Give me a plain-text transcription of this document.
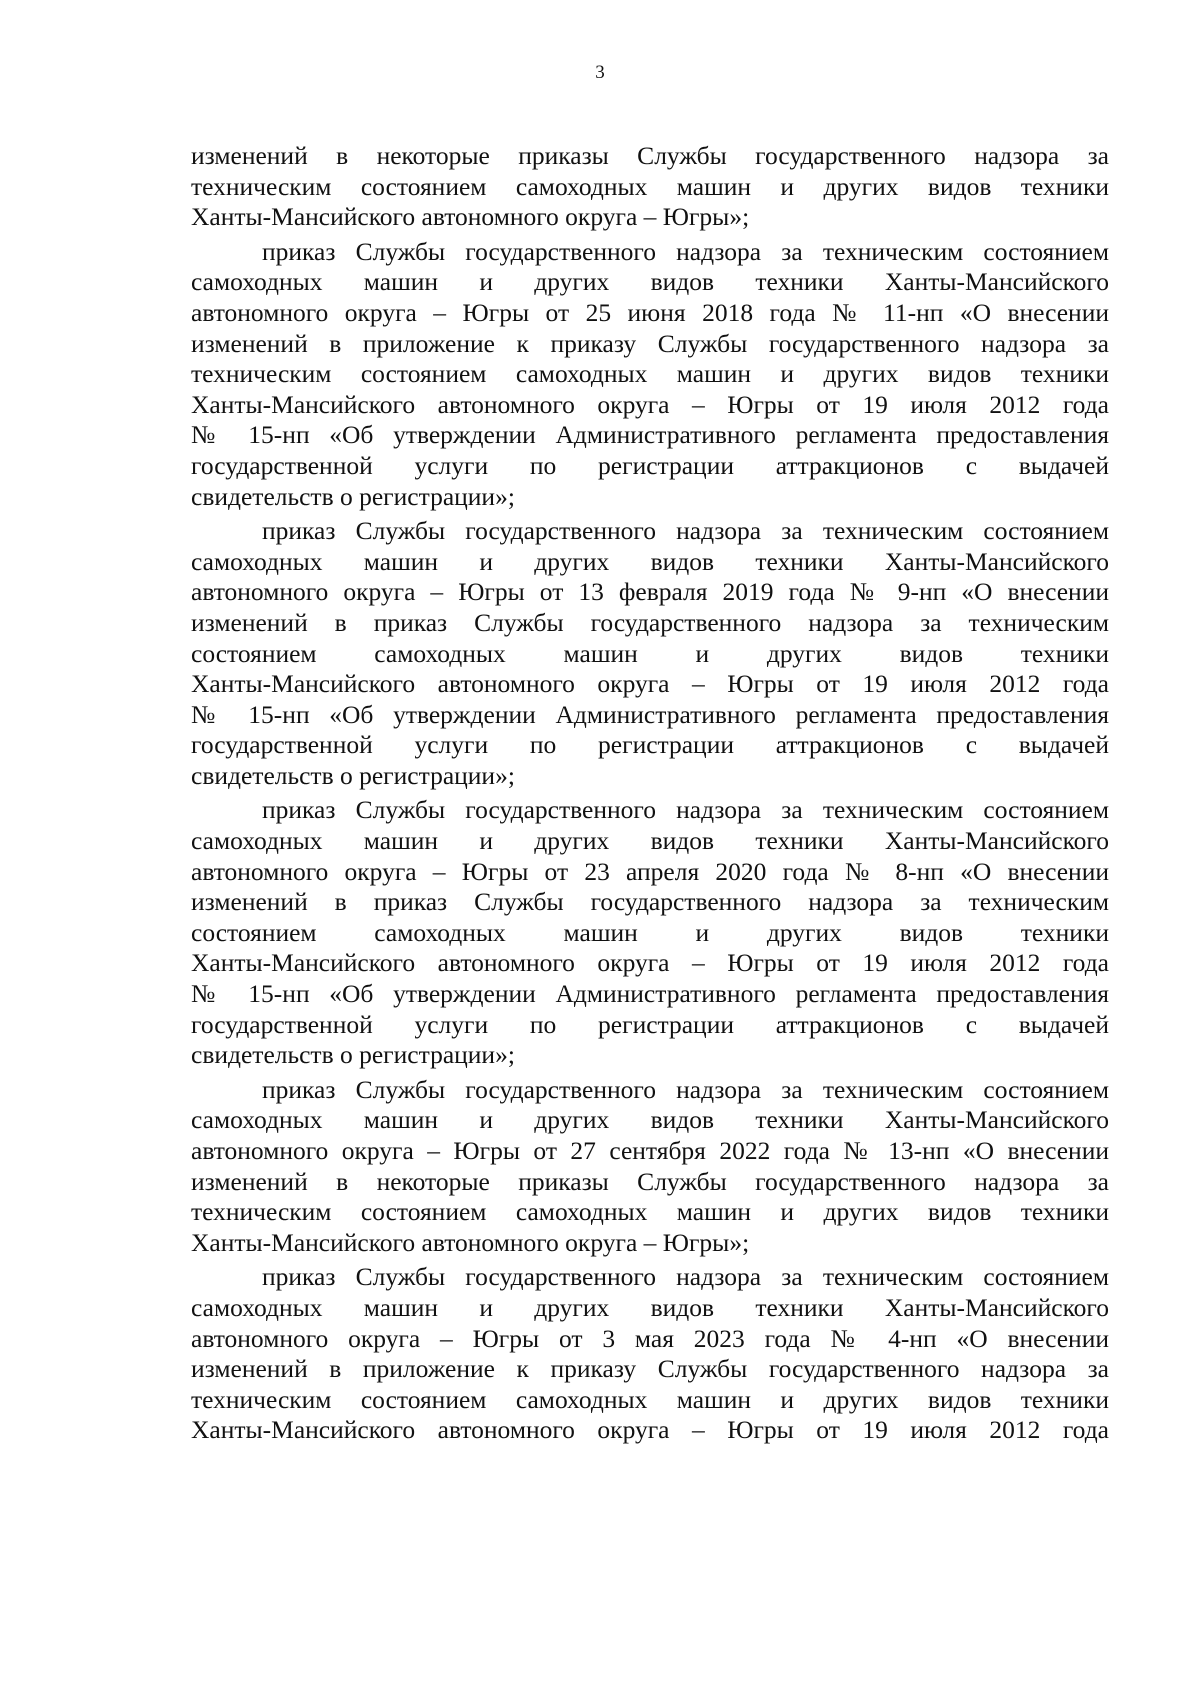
3
изменений в некоторые приказы Службы государственного надзора за
техническим состоянием самоходных машин и других видов техники
Ханты-Мансийского автономного округа – Югры»;
приказ Службы государственного надзора за техническим состоянием
самоходных машин и других видов техники Ханты-Мансийского
автономного округа – Югры от 25 июня 2018 года № 11-нп «О внесении
изменений в приложение к приказу Службы государственного надзора за
техническим состоянием самоходных машин и других видов техники
Ханты-Мансийского автономного округа – Югры от 19 июля 2012 года
№ 15-нп «Об утверждении Административного регламента предоставления
государственной услуги по регистрации аттракционов с выдачей
свидетельств о регистрации»;
приказ Службы государственного надзора за техническим состоянием
самоходных машин и других видов техники Ханты-Мансийского
автономного округа – Югры от 13 февраля 2019 года № 9-нп «О внесении
изменений в приказ Службы государственного надзора за техническим
состоянием самоходных машин и других видов техники
Ханты-Мансийского автономного округа – Югры от 19 июля 2012 года
№ 15-нп «Об утверждении Административного регламента предоставления
государственной услуги по регистрации аттракционов с выдачей
свидетельств о регистрации»;
приказ Службы государственного надзора за техническим состоянием
самоходных машин и других видов техники Ханты-Мансийского
автономного округа – Югры от 23 апреля 2020 года № 8-нп «О внесении
изменений в приказ Службы государственного надзора за техническим
состоянием самоходных машин и других видов техники
Ханты-Мансийского автономного округа – Югры от 19 июля 2012 года
№ 15-нп «Об утверждении Административного регламента предоставления
государственной услуги по регистрации аттракционов с выдачей
свидетельств о регистрации»;
приказ Службы государственного надзора за техническим состоянием
самоходных машин и других видов техники Ханты-Мансийского
автономного округа – Югры от 27 сентября 2022 года № 13-нп «О внесении
изменений в некоторые приказы Службы государственного надзора за
техническим состоянием самоходных машин и других видов техники
Ханты-Мансийского автономного округа – Югры»;
приказ Службы государственного надзора за техническим состоянием
самоходных машин и других видов техники Ханты-Мансийского
автономного округа – Югры от 3 мая 2023 года № 4-нп «О внесении
изменений в приложение к приказу Службы государственного надзора за
техническим состоянием самоходных машин и других видов техники
Ханты-Мансийского автономного округа – Югры от 19 июля 2012 года
